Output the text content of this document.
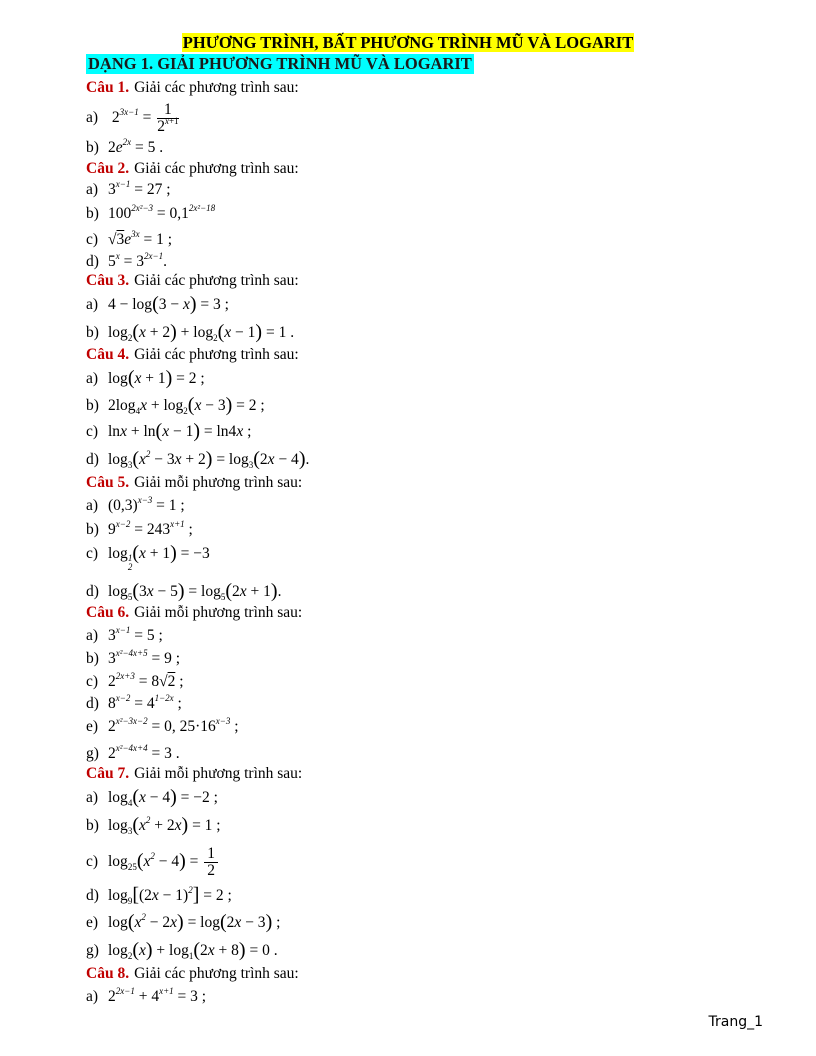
PHƯƠNG TRÌNH, BẤT PHƯƠNG TRÌNH MŨ VÀ LOGARIT
DẠNG 1. GIẢI PHƯƠNG TRÌNH MŨ VÀ LOGARIT
Câu 1. Giải các phương trình sau:
a) $2^{3x-1} = \frac{1}{2^{x+1}}$
b) $2e^{2x} = 5$ .
Câu 2. Giải các phương trình sau:
a) $3^{x-1} = 27$ ;
b) $100^{2x^2-3} = 0,1^{2x^2-18}$
c) $√3e^{3x} = 1$ ;
d) $5^x = 3^{2x-1}$.
Câu 3. Giải các phương trình sau:
a) 4 − log(3 − x) = 3 ;
b) $\log_2(x + 2) + \log_2(x - 1) = 1$ .
Câu 4. Giải các phương trình sau:
a) log(x + 1) = 2 ;
b) $2\log_4x + \log_2(x - 3) = 2$ ;
c) lnx + ln(x − 1) = ln4x ;
d) $\log_3(x^2 - 3x + 2) = \log_3(2x - 4)$.
Câu 5. Giải mỗi phương trình sau:
a) $(0,3)^{x-3} = 1$ ;
b) $9^{x-2} = 243^{x+1}$ ;
c) $\log_{1 2}(x + 1) = -3$
d) $\log_5(3x - 5) = \log_5(2x + 1)$.
Câu 6. Giải mỗi phương trình sau:
a) $3^{x-1} = 5$ ;
b) $3^{x^2-4x+5} = 9$ ;
c) $2^{2x+3} = 8√2$ ;
d) $8^{x-2} = 4^{1-2x}$ ;
e) $2^{x^2-3x-2} = 0$, $25\cdot 16^{x-3}$ ;
g) $2^{x^2-4x+4} = 3$ .
Câu 7. Giải mỗi phương trình sau:
a) $\log_4(x - 4) = -2$ ;
b) $\log_3(x^2 + 2x) = 1$ ;
c) $\log_{25}(x^2 - 4) = \frac{1}{2}$
d) $\log_9[(2x - 1)^2] = 2$ ;
e) $\log(x^2 - 2x) = \log(2x - 3)$ ;
g) $\log_2(x) + \log_1(2x + 8) = 0$ .
Câu 8. Giải các phương trình sau:
a) $2^{2x-1} + 4^{x+1} = 3$ ;
Trang_1
